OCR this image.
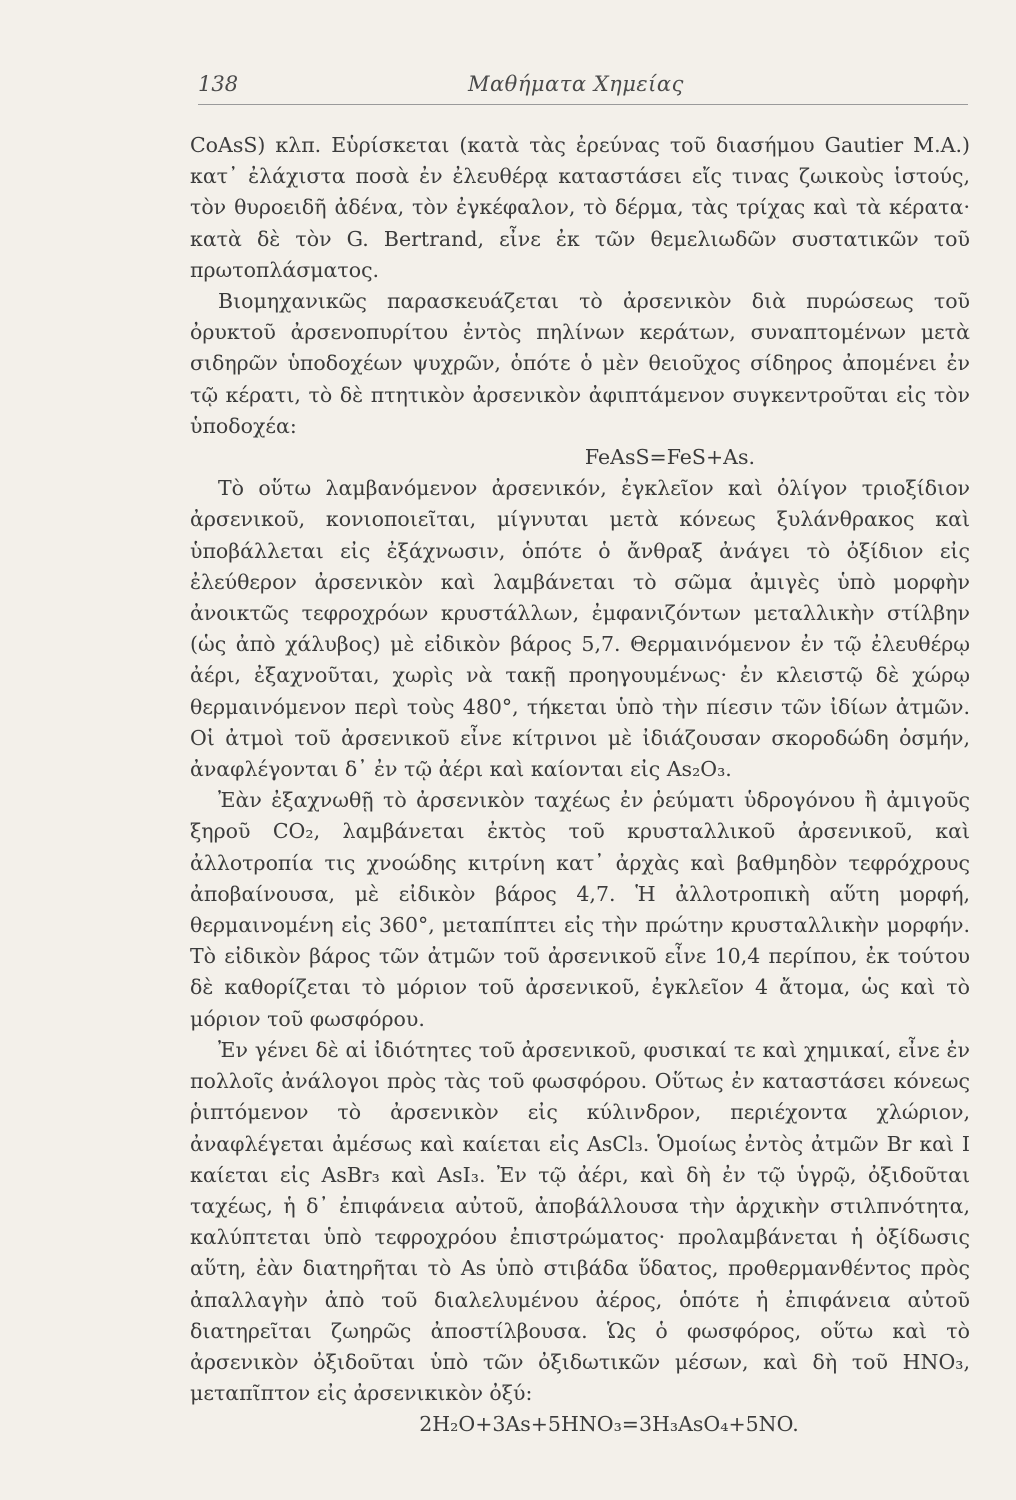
138	Μαθήματα Χημείας

CoAsS) κλπ. Εὑρίσκεται (κατὰ τὰς ἐρεύνας τοῦ διασήμου Gautier M.A.) κατ᾽ ἐλάχιστα ποσὰ ἐν ἐλευθέρᾳ καταστάσει εἴς τινας ζωικοὺς ἱστούς, τὸν θυροειδῆ ἀδένα, τὸν ἐγκέφαλον, τὸ δέρμα, τὰς τρίχας καὶ τὰ κέρατα· κατὰ δὲ τὸν G. Bertrand, εἶνε ἐκ τῶν θεμελιωδῶν συστατικῶν τοῦ πρωτοπλάσματος.

Βιομηχανικῶς παρασκευάζεται τὸ ἀρσενικὸν διὰ πυρώσεως τοῦ ὀρυκτοῦ ἀρσενοπυρίτου ἐντὸς πηλίνων κεράτων, συναπτομένων μετὰ σιδηρῶν ὑποδοχέων ψυχρῶν, ὁπότε ὁ μὲν θειοῦχος σίδηρος ἀπομένει ἐν τῷ κέρατι, τὸ δὲ πτητικὸν ἀρσενικὸν ἀφιπτάμενον συγκεντροῦται εἰς τὸν ὑποδοχέα:

FeAsS=FeS+As.

Τὸ οὕτω λαμβανόμενον ἀρσενικόν, ἐγκλεῖον καὶ ὀλίγον τριοξίδιον ἀρσενικοῦ, κονιοποιεῖται, μίγνυται μετὰ κόνεως ξυλάνθρακος καὶ ὑποβάλλεται εἰς ἐξάχνωσιν, ὁπότε ὁ ἄνθραξ ἀνάγει τὸ ὀξίδιον εἰς ἐλεύθερον ἀρσενικὸν καὶ λαμβάνεται τὸ σῶμα ἀμιγὲς ὑπὸ μορφὴν ἀνοικτῶς τεφροχρόων κρυστάλλων, ἐμφανιζόντων μεταλλικὴν στίλβην (ὡς ἀπὸ χάλυβος) μὲ εἰδικὸν βάρος 5,7. Θερμαινόμενον ἐν τῷ ἐλευθέρῳ ἀέρι, ἐξαχνοῦται, χωρὶς νὰ τακῇ προηγουμένως· ἐν κλειστῷ δὲ χώρῳ θερμαινόμενον περὶ τοὺς 480°, τήκεται ὑπὸ τὴν πίεσιν τῶν ἰδίων ἀτμῶν. Οἱ ἀτμοὶ τοῦ ἀρσενικοῦ εἶνε κίτρινοι μὲ ἰδιάζουσαν σκοροδώδη ὀσμήν, ἀναφλέγονται δ᾽ ἐν τῷ ἀέρι καὶ καίονται εἰς As₂O₃.

Ἐὰν ἐξαχνωθῇ τὸ ἀρσενικὸν ταχέως ἐν ῥεύματι ὑδρογόνου ἢ ἀμιγοῦς ξηροῦ CO₂, λαμβάνεται ἐκτὸς τοῦ κρυσταλλικοῦ ἀρσενικοῦ, καὶ ἀλλοτροπία τις χνοώδης κιτρίνη κατ᾽ ἀρχὰς καὶ βαθμηδὸν τεφρόχρους ἀποβαίνουσα, μὲ εἰδικὸν βάρος 4,7. Ἡ ἀλλοτροπικὴ αὕτη μορφή, θερμαινομένη εἰς 360°, μεταπίπτει εἰς τὴν πρώτην κρυσταλλικὴν μορφήν. Τὸ εἰδικὸν βάρος τῶν ἀτμῶν τοῦ ἀρσενικοῦ εἶνε 10,4 περίπου, ἐκ τούτου δὲ καθορίζεται τὸ μόριον τοῦ ἀρσενικοῦ, ἐγκλεῖον 4 ἄτομα, ὡς καὶ τὸ μόριον τοῦ φωσφόρου.

Ἐν γένει δὲ αἱ ἰδιότητες τοῦ ἀρσενικοῦ, φυσικαί τε καὶ χημικαί, εἶνε ἐν πολλοῖς ἀνάλογοι πρὸς τὰς τοῦ φωσφόρου. Οὕτως ἐν καταστάσει κόνεως ῥιπτόμενον τὸ ἀρσενικὸν εἰς κύλινδρον, περιέχοντα χλώριον, ἀναφλέγεται ἀμέσως καὶ καίεται εἰς AsCl₃. Ὁμοίως ἐντὸς ἀτμῶν Br καὶ I καίεται εἰς AsBr₃ καὶ AsI₃. Ἐν τῷ ἀέρι, καὶ δὴ ἐν τῷ ὑγρῷ, ὀξιδοῦται ταχέως, ἡ δ᾽ ἐπιφάνεια αὐτοῦ, ἀποβάλλουσα τὴν ἀρχικὴν στιλπνότητα, καλύπτεται ὑπὸ τεφροχρόου ἐπιστρώματος· προλαμβάνεται ἡ ὀξίδωσις αὕτη, ἐὰν διατηρῆται τὸ As ὑπὸ στιβάδα ὕδατος, προθερμανθέντος πρὸς ἀπαλλαγὴν ἀπὸ τοῦ διαλελυμένου ἀέρος, ὁπότε ἡ ἐπιφάνεια αὐτοῦ διατηρεῖται ζωηρῶς ἀποστίλβουσα. Ὡς ὁ φωσφόρος, οὕτω καὶ τὸ ἀρσενικὸν ὀξιδοῦται ὑπὸ τῶν ὀξιδωτικῶν μέσων, καὶ δὴ τοῦ HNO₃, μεταπῖπτον εἰς ἀρσενικικὸν ὀξύ:

2H₂O+3As+5HNO₃=3H₃AsO₄+5NO.
